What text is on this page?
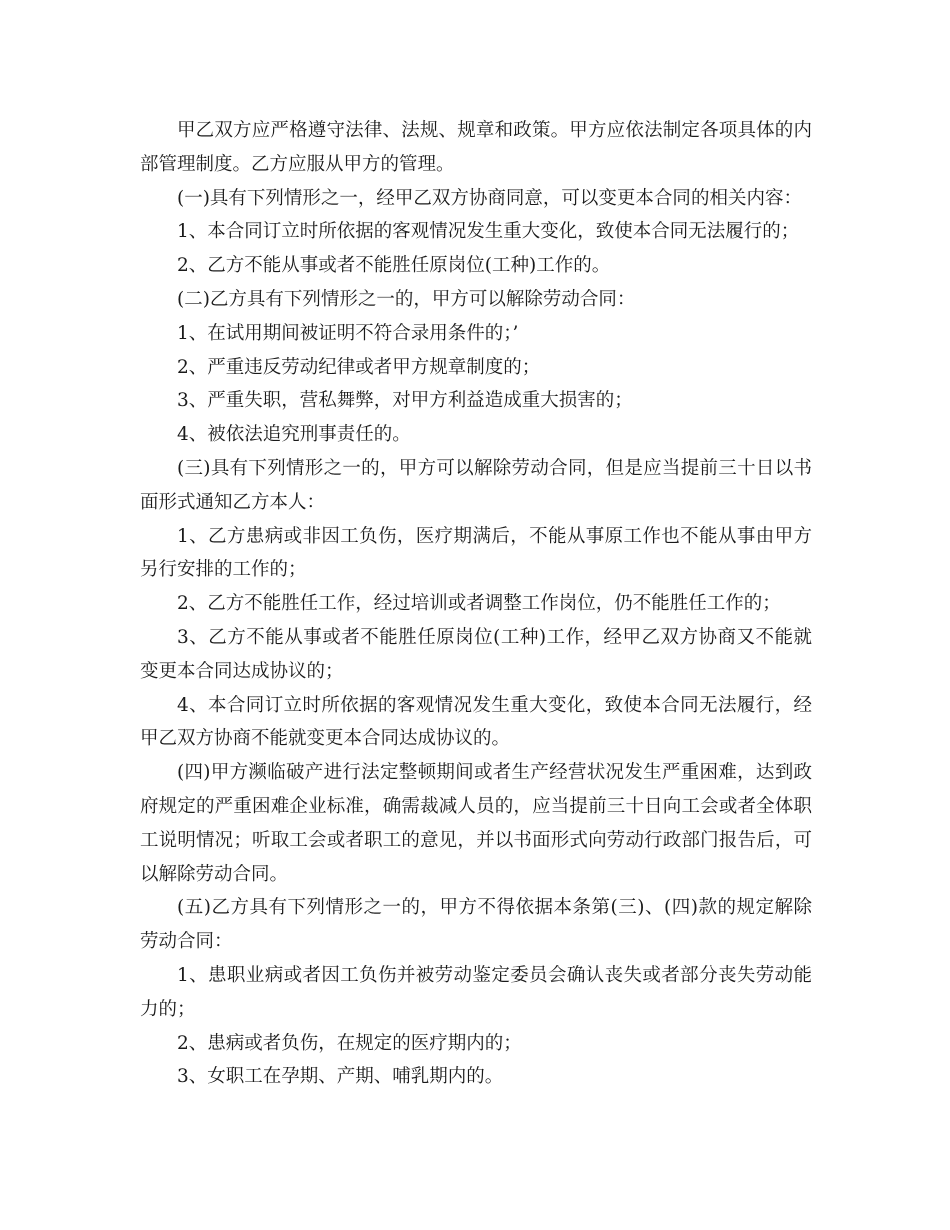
甲乙双方应严格遵守法律、法规、规章和政策。甲方应依法制定各项具体的内部管理制度。乙方应服从甲方的管理。

(一)具有下列情形之一，经甲乙双方协商同意，可以变更本合同的相关内容：

1、本合同订立时所依据的客观情况发生重大变化，致使本合同无法履行的；

2、乙方不能从事或者不能胜任原岗位(工种)工作的。

(二)乙方具有下列情形之一的，甲方可以解除劳动合同：

1、在试用期间被证明不符合录用条件的；’

2、严重违反劳动纪律或者甲方规章制度的；

3、严重失职，营私舞弊，对甲方利益造成重大损害的；

4、被依法追究刑事责任的。

(三)具有下列情形之一的，甲方可以解除劳动合同，但是应当提前三十日以书面形式通知乙方本人：

1、乙方患病或非因工负伤，医疗期满后，不能从事原工作也不能从事由甲方另行安排的工作的；

2、乙方不能胜任工作，经过培训或者调整工作岗位，仍不能胜任工作的；

3、乙方不能从事或者不能胜任原岗位(工种)工作，经甲乙双方协商又不能就变更本合同达成协议的；

4、本合同订立时所依据的客观情况发生重大变化，致使本合同无法履行，经甲乙双方协商不能就变更本合同达成协议的。

(四)甲方濒临破产进行法定整顿期间或者生产经营状况发生严重困难，达到政府规定的严重困难企业标准，确需裁减人员的，应当提前三十日向工会或者全体职工说明情况；听取工会或者职工的意见，并以书面形式向劳动行政部门报告后，可以解除劳动合同。

(五)乙方具有下列情形之一的，甲方不得依据本条第(三)、(四)款的规定解除劳动合同：

1、患职业病或者因工负伤并被劳动鉴定委员会确认丧失或者部分丧失劳动能力的；

2、患病或者负伤，在规定的医疗期内的；

3、女职工在孕期、产期、哺乳期内的。
